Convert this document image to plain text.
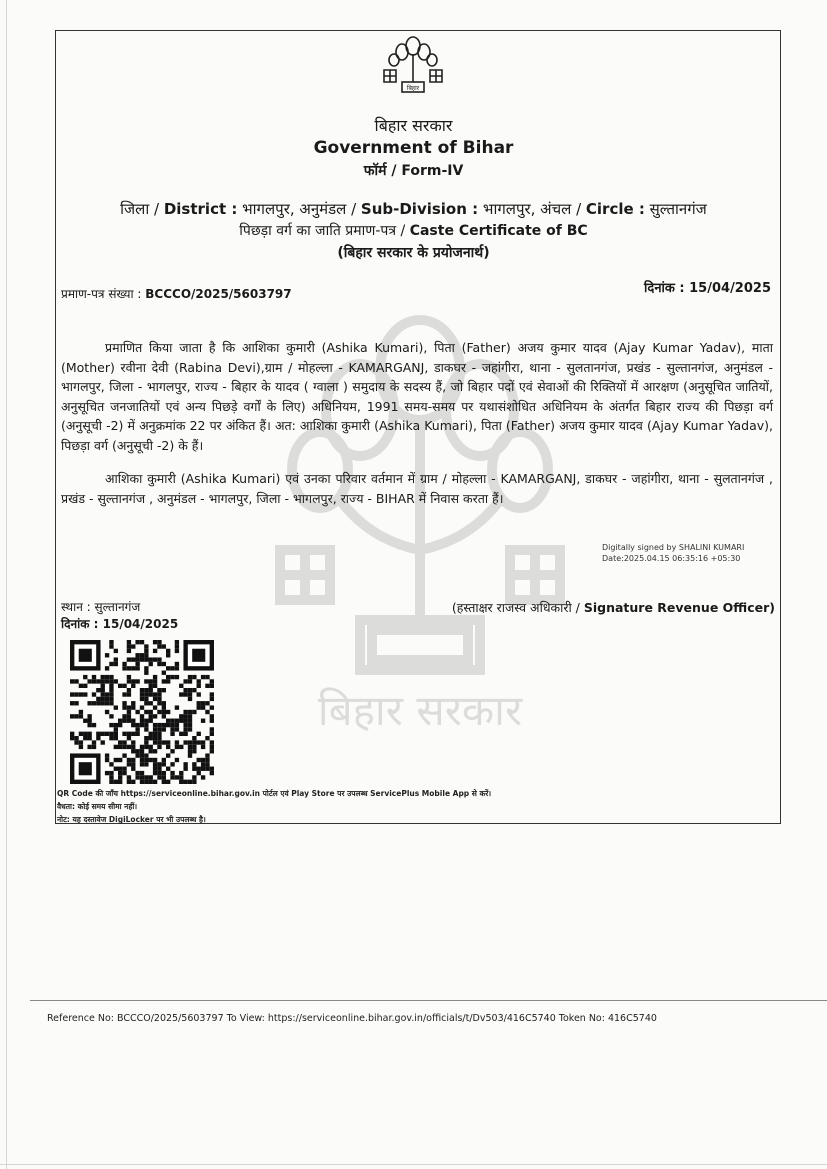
बिहार सरकार
बिहार
बिहार सरकार
Government of Bihar
फॉर्म / Form-IV
जिला / District : भागलपुर, अनुमंडल / Sub-Division : भागलपुर, अंचल / Circle : सुल्तानगंज
पिछड़ा वर्ग का जाति प्रमाण-पत्र / Caste Certificate of BC
(बिहार सरकार के प्रयोजनार्थ)
प्रमाण-पत्र संख्या : BCCCO/2025/5603797	दिनांक : 15/04/2025
प्रमाणित किया जाता है कि आशिका कुमारी (Ashika Kumari), पिता (Father) अजय कुमार यादव (Ajay Kumar Yadav), माता (Mother) रवीना देवी (Rabina Devi),ग्राम / मोहल्ला - KAMARGANJ, डाकघर - जहांगीरा, थाना - सुलतानगंज, प्रखंड - सुल्तानगंज, अनुमंडल - भागलपुर, जिला - भागलपुर, राज्य - बिहार के यादव ( ग्वाला ) समुदाय के सदस्य हैं, जो बिहार पदों एवं सेवाओं की रिक्तियों में आरक्षण (अनुसूचित जातियों, अनुसूचित जनजातियों एवं अन्य पिछड़े वर्गों के लिए) अधिनियम, 1991 समय-समय पर यथासंशोधित अधिनियम के अंतर्गत बिहार राज्य की पिछड़ा वर्ग (अनुसूची -2) में अनुक्रमांक 22 पर अंकित हैं। अत: आशिका कुमारी (Ashika Kumari), पिता (Father) अजय कुमार यादव (Ajay Kumar Yadav), पिछड़ा वर्ग (अनुसूची -2) के हैं।
आशिका कुमारी (Ashika Kumari) एवं उनका परिवार वर्तमान में ग्राम / मोहल्ला - KAMARGANJ, डाकघर - जहांगीरा, थाना - सुलतानगंज , प्रखंड - सुल्तानगंज , अनुमंडल - भागलपुर, जिला - भागलपुर, राज्य - BIHAR में निवास करता हैं।
Digitally signed by SHALINI KUMARI
Date:2025.04.15 06:35:16 +05:30
स्थान : सुल्तानगंज
दिनांक : 15/04/2025
(हस्ताक्षर राजस्व अधिकारी / Signature Revenue Officer)
QR Code की जाँच https://serviceonline.bihar.gov.in पोर्टल एवं Play Store पर उपलब्ध ServicePlus Mobile App से करें।
वैधता: कोई समय सीमा नहीं।
नोट: यह दस्तावेज DigiLocker पर भी उपलब्ध है।
Reference No: BCCCO/2025/5603797 To View: https://serviceonline.bihar.gov.in/officials/t/Dv503/416C5740 Token No: 416C5740
